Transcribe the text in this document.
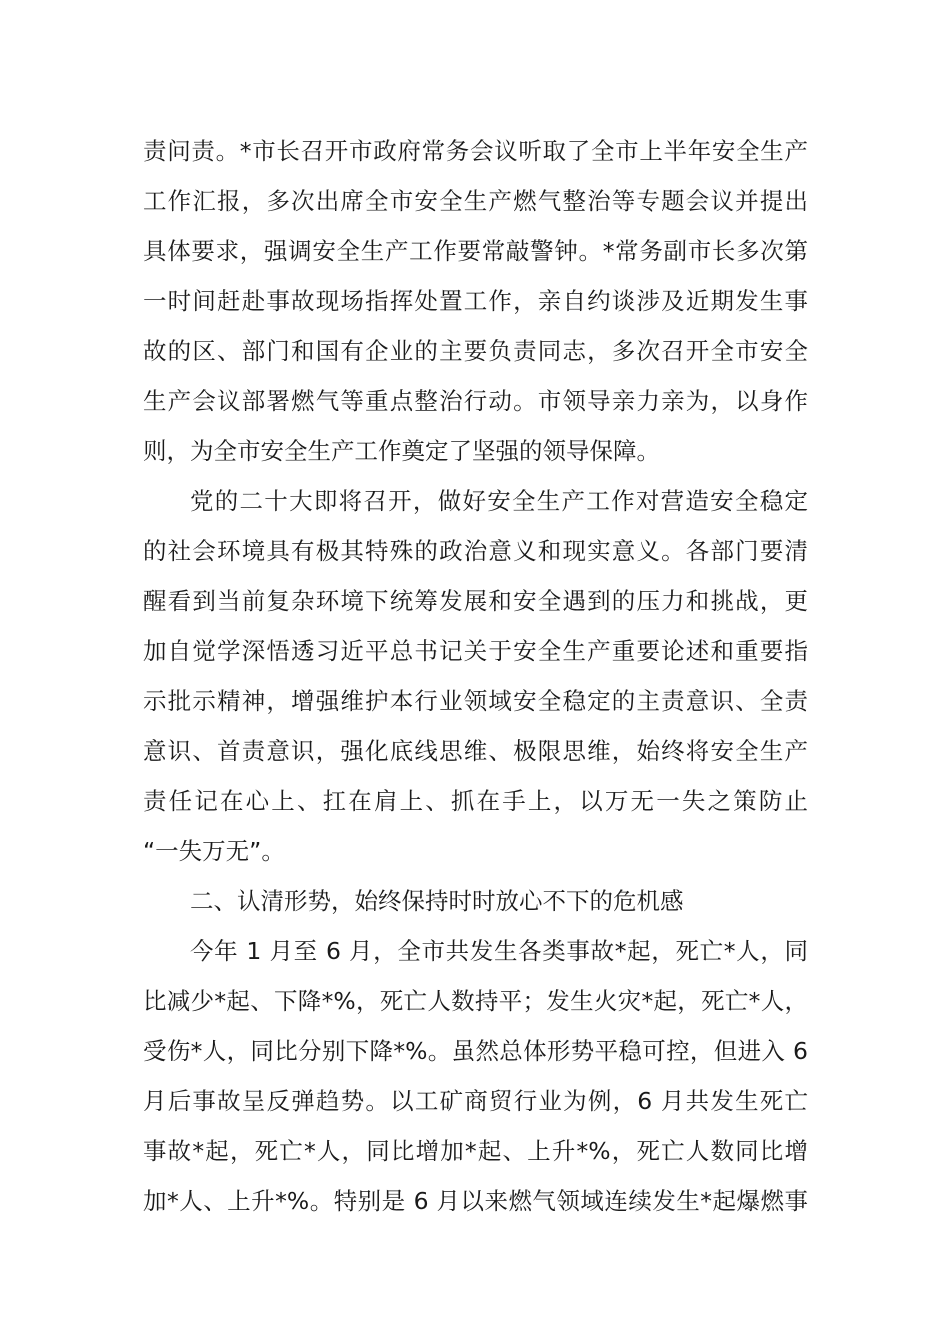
责问责。*市长召开市政府常务会议听取了全市上半年安全生产
工作汇报，多次出席全市安全生产燃气整治等专题会议并提出
具体要求，强调安全生产工作要常敲警钟。*常务副市长多次第
一时间赶赴事故现场指挥处置工作，亲自约谈涉及近期发生事
故的区、部门和国有企业的主要负责同志，多次召开全市安全
生产会议部署燃气等重点整治行动。市领导亲力亲为，以身作
则，为全市安全生产工作奠定了坚强的领导保障。
党的二十大即将召开，做好安全生产工作对营造安全稳定
的社会环境具有极其特殊的政治意义和现实意义。各部门要清
醒看到当前复杂环境下统筹发展和安全遇到的压力和挑战，更
加自觉学深悟透习近平总书记关于安全生产重要论述和重要指
示批示精神，增强维护本行业领域安全稳定的主责意识、全责
意识、首责意识，强化底线思维、极限思维，始终将安全生产
责任记在心上、扛在肩上、抓在手上，以万无一失之策防止
“一失万无”。
二、认清形势，始终保持时时放心不下的危机感
今年 1 月至 6 月，全市共发生各类事故*起，死亡*人，同
比减少*起、下降*%，死亡人数持平；发生火灾*起，死亡*人，
受伤*人，同比分别下降*%。虽然总体形势平稳可控，但进入 6
月后事故呈反弹趋势。以工矿商贸行业为例，6 月共发生死亡
事故*起，死亡*人，同比增加*起、上升*%，死亡人数同比增
加*人、上升*%。特别是 6 月以来燃气领域连续发生*起爆燃事
